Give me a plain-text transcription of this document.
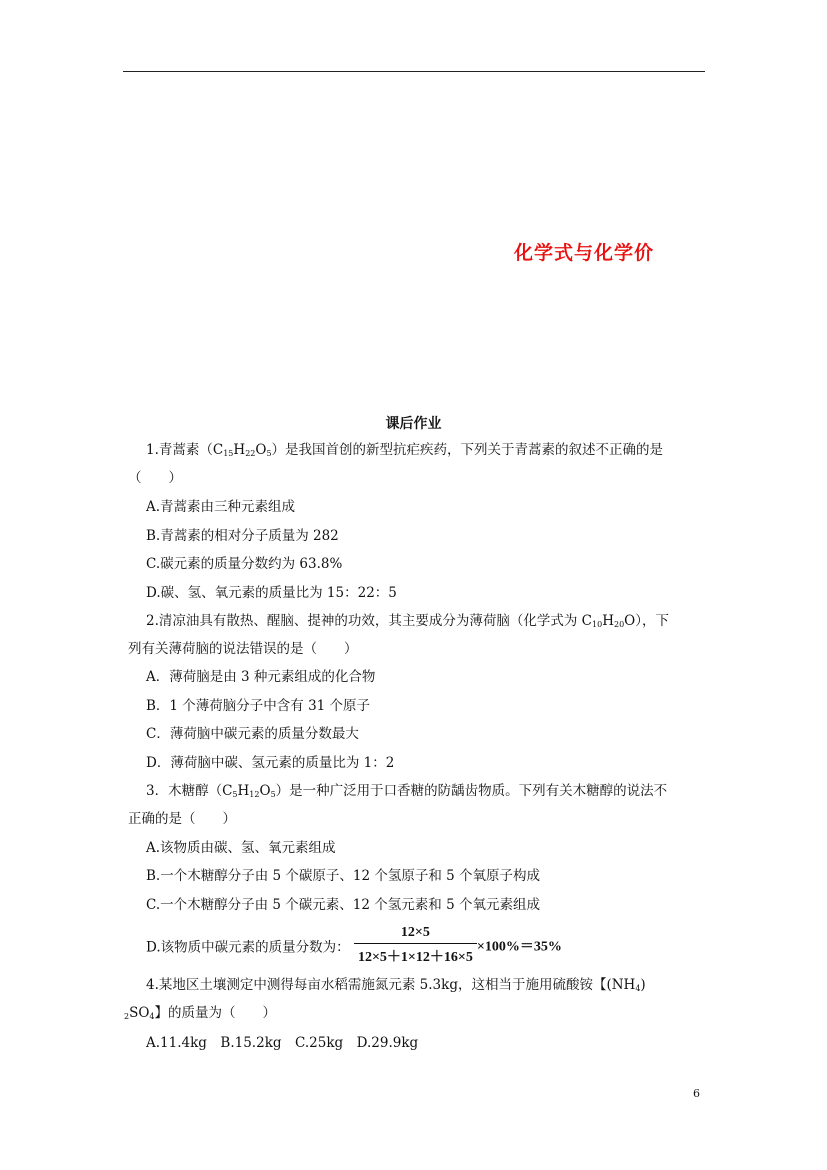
化学式与化学价
课后作业
1.青蒿素$(C_{15}H_{22}O_5)$是我国首创的新型抗疟疾药，下列关于青蒿素的叙述不正确的是
（　　）
A.青蒿素由三种元素组成
B.青蒿素的相对分子质量为 282
C.碳元素的质量分数约为 63.8%
D.碳、氢、氧元素的质量比为 15：22：5
2.清凉油具有散热、醒脑、提神的功效，其主要成分为薄荷脑（化学式为 $C_{10}H_{20}O$），下
列有关薄荷脑的说法错误的是（　　）
A．薄荷脑是由 3 种元素组成的化合物
B．1 个薄荷脑分子中含有 31 个原子
C．薄荷脑中碳元素的质量分数最大
D．薄荷脑中碳、氢元素的质量比为 1：2
3．木糖醇$(C_5H_{12}O_5)$是一种广泛用于口香糖的防龋齿物质。下列有关木糖醇的说法不
正确的是（　　）
A.该物质由碳、氢、氧元素组成
B.一个木糖醇分子由 5 个碳原子、12 个氢原子和 5 个氧原子构成
C.一个木糖醇分子由 5 个碳元素、12 个氢元素和 5 个氧元素组成
D.该物质中碳元素的质量分数为： $\frac{12\times 5}{12\times 5+1\times 12+16\times 5} \times 100\%=35\%$
4.某地区土壤测定中测得每亩水稻需施氮元素 5.3kg，这相当于施用硫酸铵【$(NH_4)$
$_2SO_4$】的质量为（　　）
A.11.4kg　B.15.2kg　C.25kg　D.29.9kg
6
